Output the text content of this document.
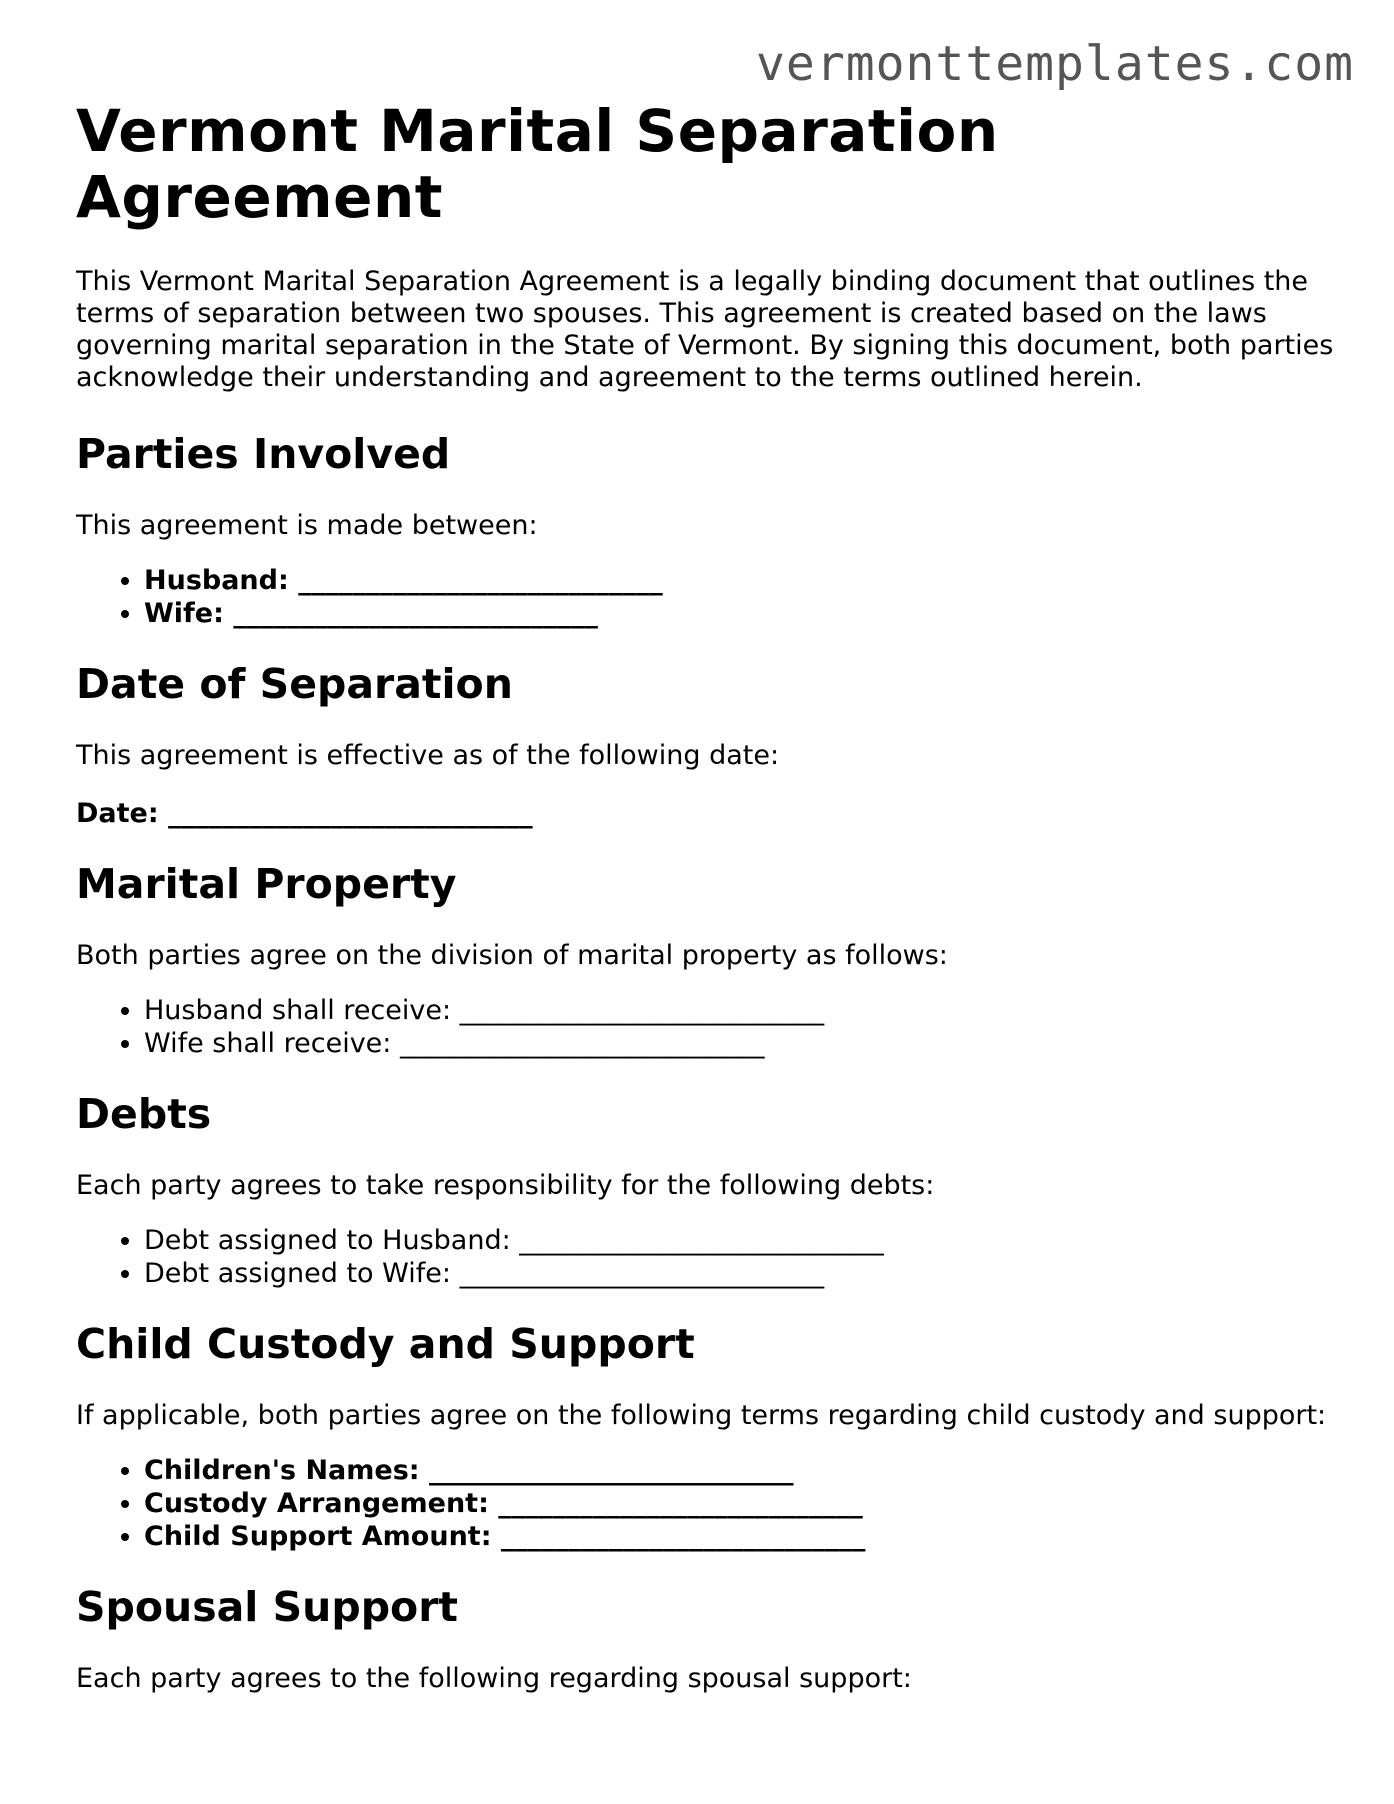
vermonttemplates.com
Vermont Marital Separation Agreement

This Vermont Marital Separation Agreement is a legally binding document that outlines the terms of separation between two spouses. This agreement is created based on the laws governing marital separation in the State of Vermont. By signing this document, both parties acknowledge their understanding and agreement to the terms outlined herein.

Parties Involved

This agreement is made between:

• Husband: ___________________________
• Wife: ___________________________
Date of Separation

This agreement is effective as of the following date:

Date: ___________________________

Marital Property

Both parties agree on the division of marital property as follows:

• Husband shall receive: ___________________________
• Wife shall receive: ___________________________
Debts

Each party agrees to take responsibility for the following debts:

• Debt assigned to Husband: ___________________________
• Debt assigned to Wife: ___________________________
Child Custody and Support

If applicable, both parties agree on the following terms regarding child custody and support:

• Children's Names: ___________________________
• Custody Arrangement: ___________________________
• Child Support Amount: ___________________________
Spousal Support

Each party agrees to the following regarding spousal support:
